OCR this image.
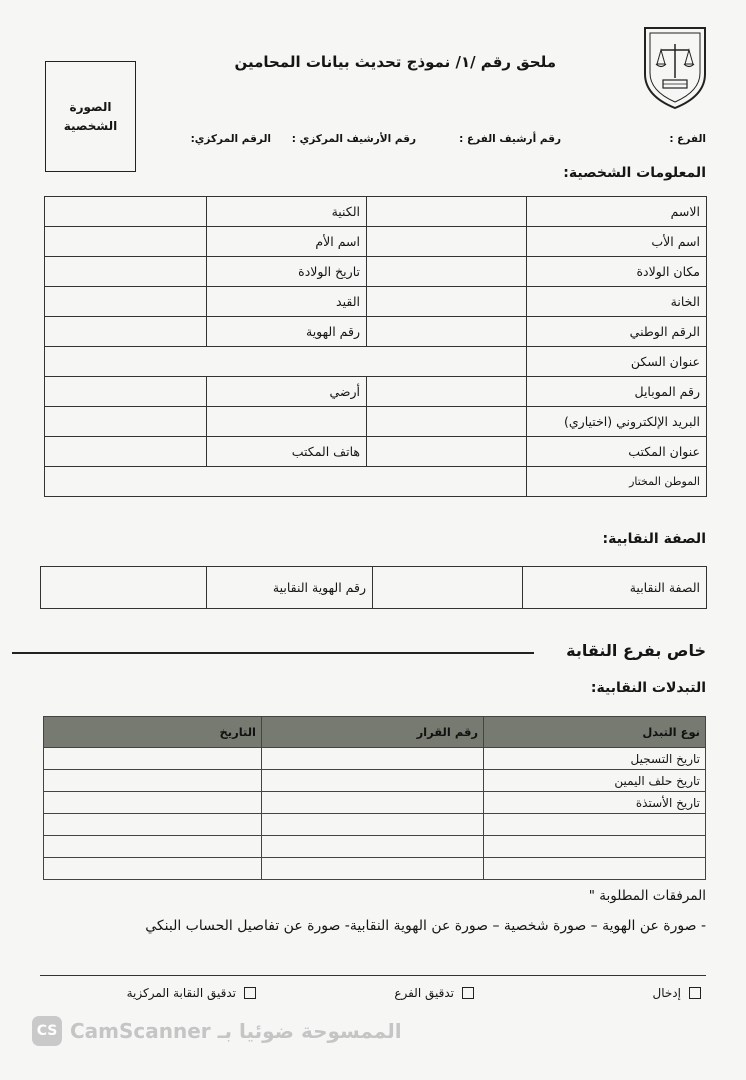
الصورة
الشخصية
ملحق رقم /١/ نموذج تحديث بيانات المحامين
الفرع :
رقم أرشيف الفرع :
رقم الأرشيف المركزي :
الرقم المركزي:
المعلومات الشخصية:
	الكنية		الاسم
	اسم الأم		اسم الأب
	تاريخ الولادة		مكان الولادة
	القيد		الخانة
	رقم الهوية		الرقم الوطني
			عنوان السكن
	أرضي		رقم الموبايل
			البريد الإلكتروني (اختياري)
	هاتف المكتب		عنوان المكتب
			الموطن المختار
الصفة النقابية:
	رقم الهوية النقابية		الصفة النقابية
خاص بفرع النقابة
التبدلات النقابية:
التاريخ	رقم القرار	نوع التبدل
		تاريخ التسجيل
		تاريخ حلف اليمين
		تاريخ الأستذة

المرفقات المطلوبة "
- صورة عن الهوية – صورة شخصية – صورة عن الهوية النقابية- صورة عن تفاصيل الحساب البنكي
إدخال
تدقيق الفرع
تدقيق النقابة المركزية
CS CamScanner الممسوحة ضوئيا بـ
